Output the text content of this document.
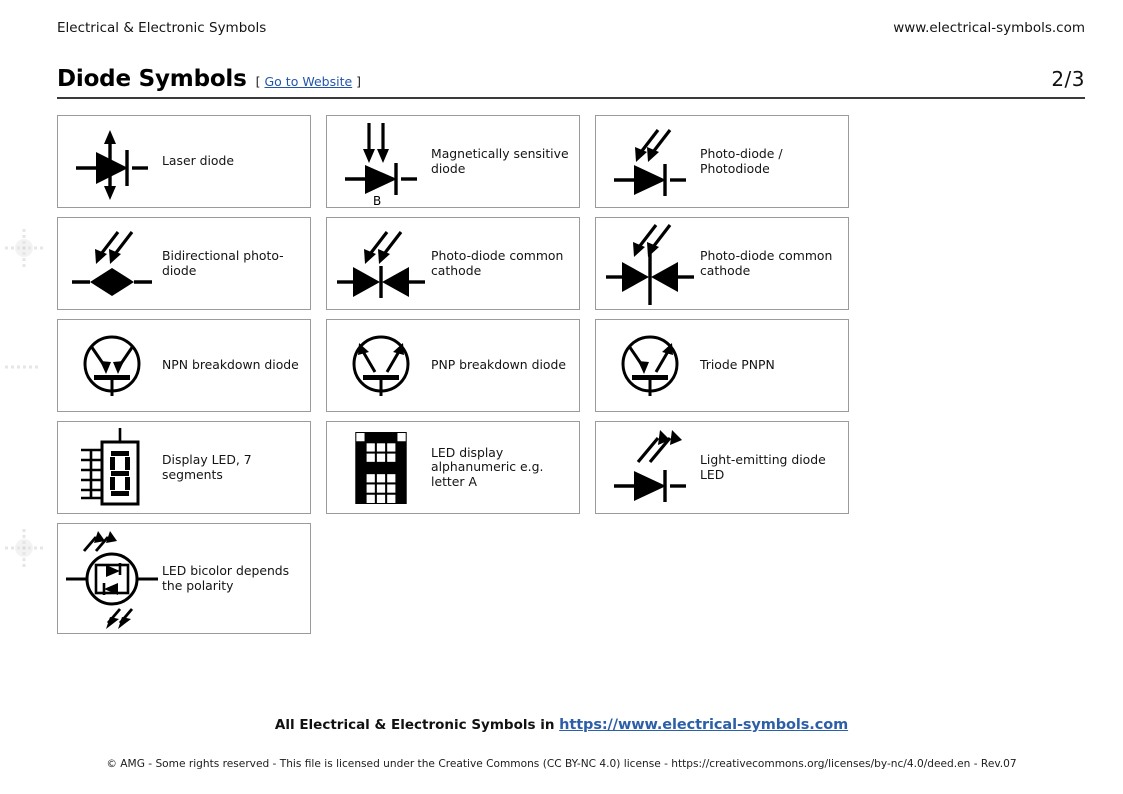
Electrical & Electronic Symbols	www.electrical-symbols.com
Diode Symbols [ Go to Website ]	2/3
Laser diode
B
Magnetically sensitive diode
Photo-diode / Photodiode
Bidirectional photo-diode
Photo-diode common cathode
Photo-diode common cathode
NPN breakdown diode	PNP breakdown diode	Triode PNPN
Display LED, 7 segments
LED display alphanumeric e.g. letter A
Light-emitting diode LED
LED bicolor depends the polarity
All Electrical & Electronic Symbols in https://www.electrical-symbols.com
© AMG - Some rights reserved - This file is licensed under the Creative Commons (CC BY-NC 4.0) license - https://creativecommons.org/licenses/by-nc/4.0/deed.en - Rev.07
